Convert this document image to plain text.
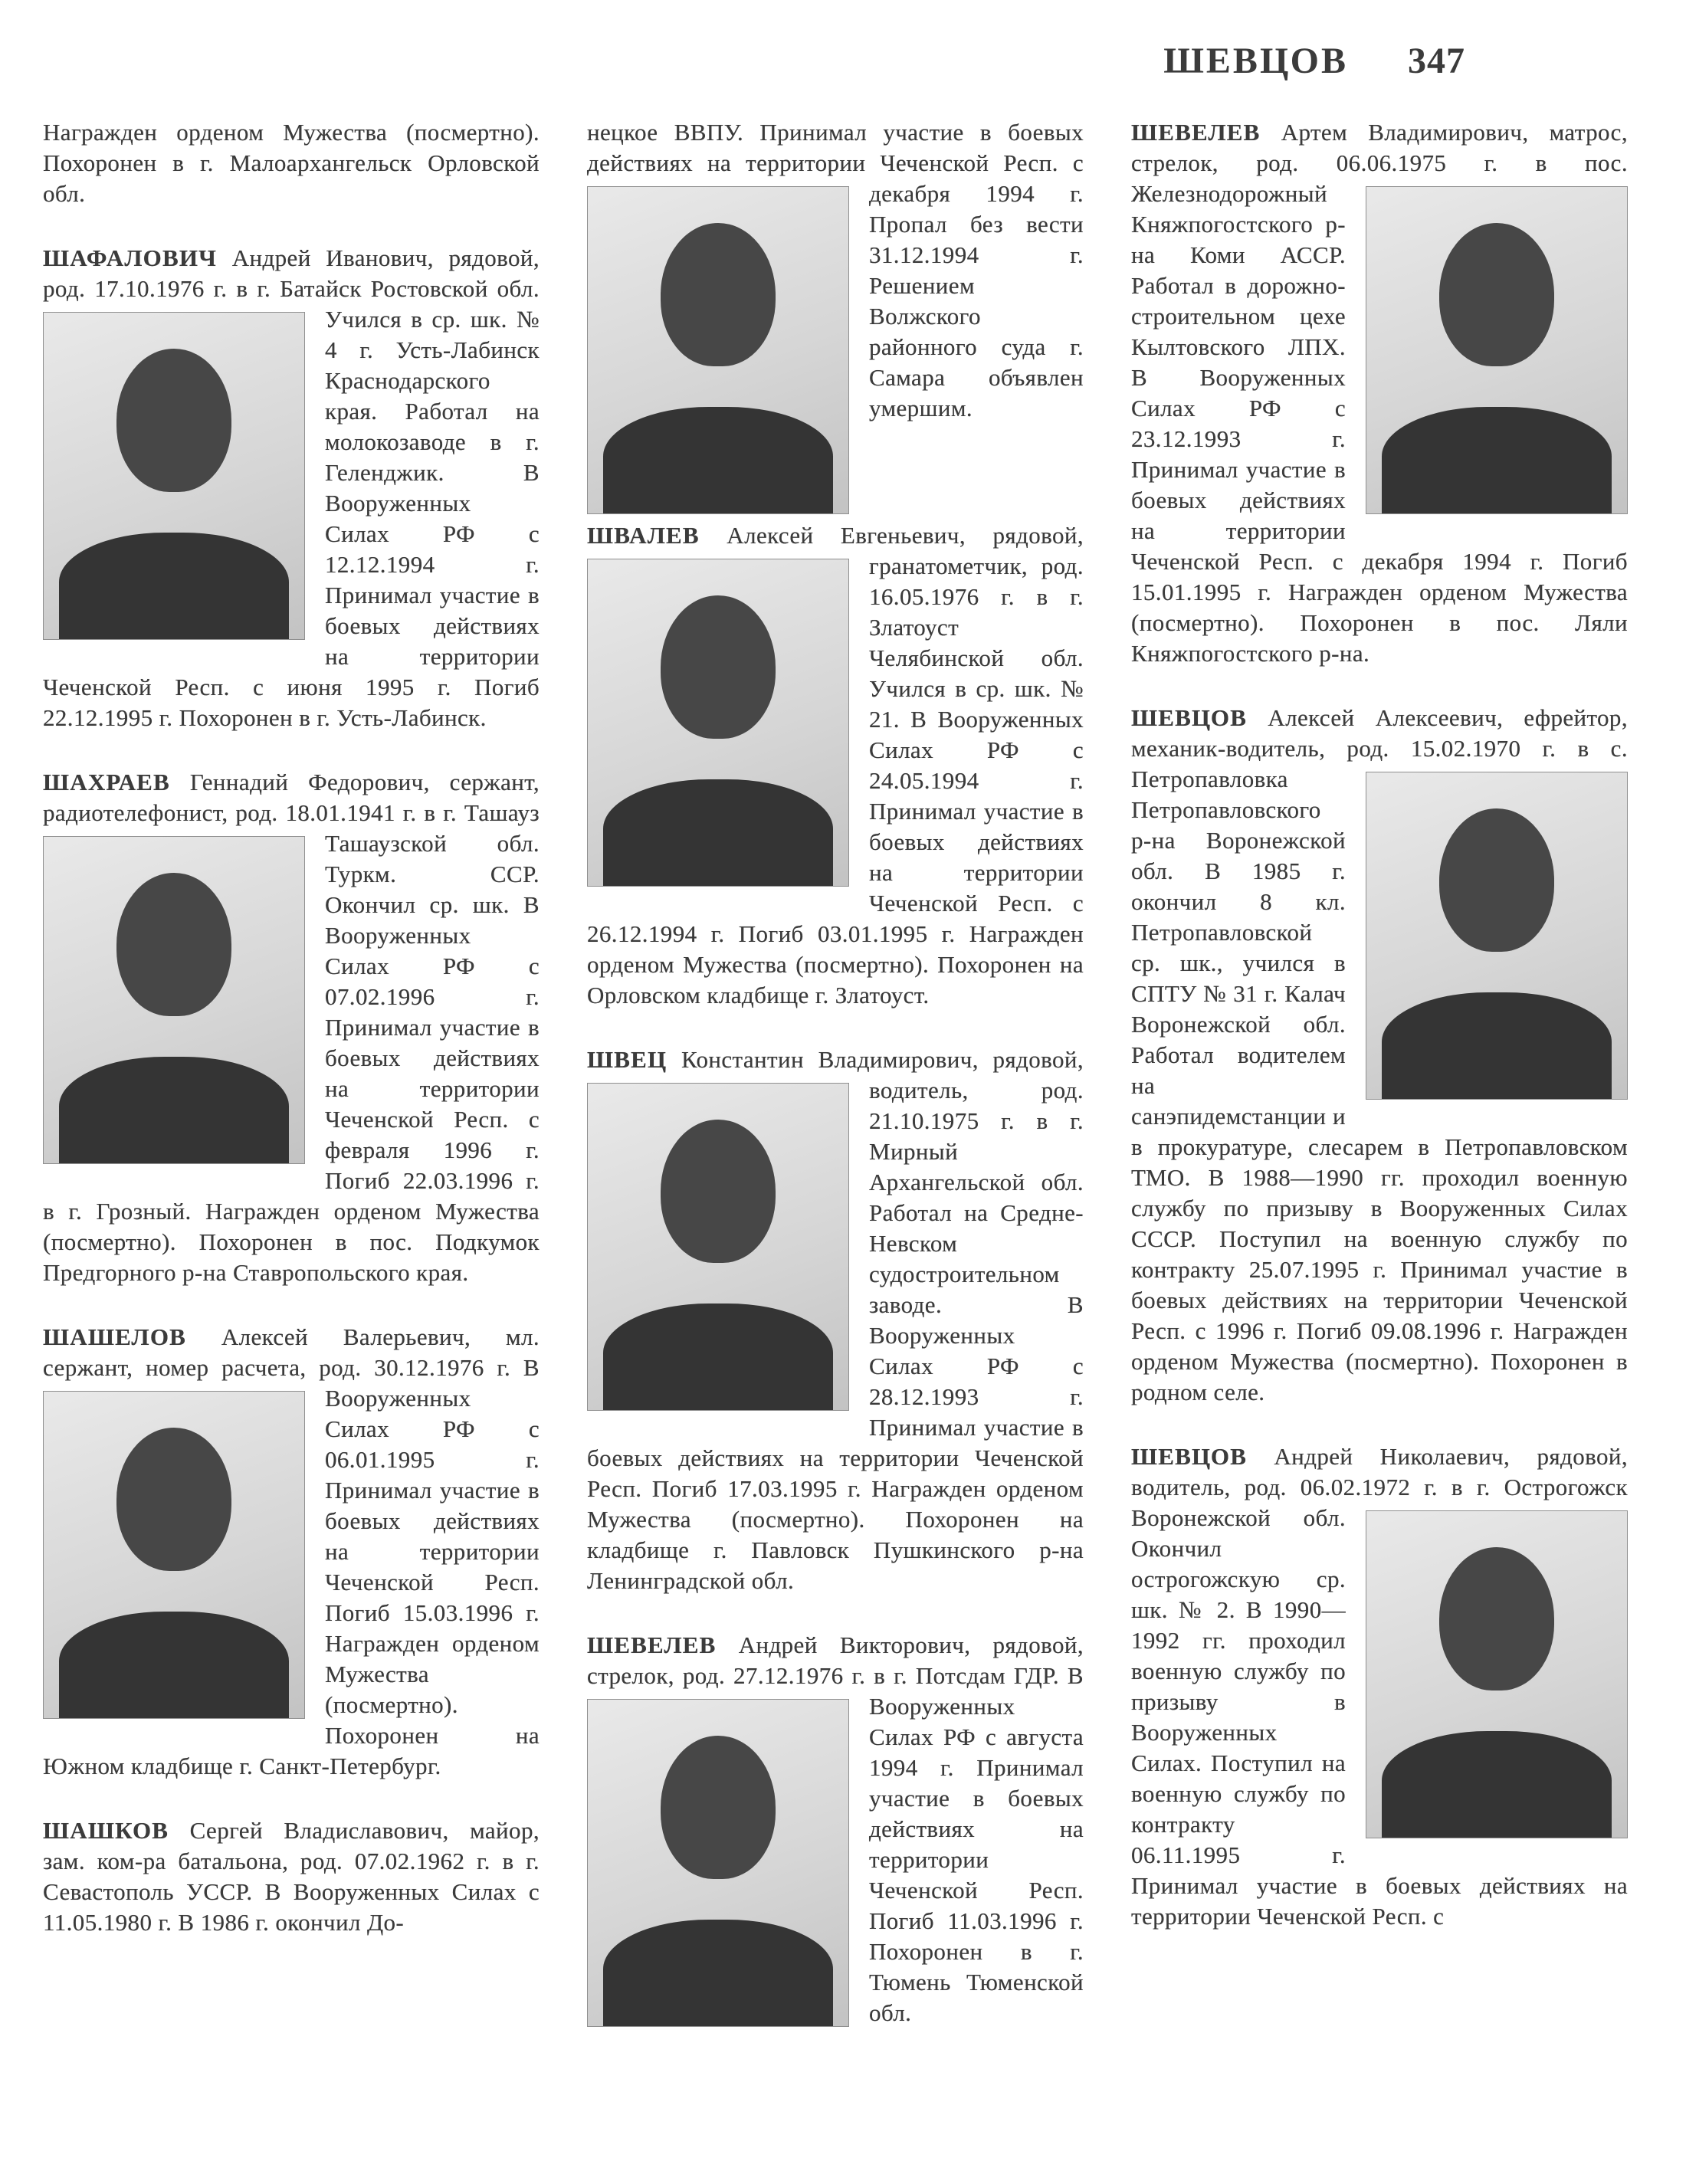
ШЕВЦОВ 347

Награжден орденом Мужества (посмертно). Похоронен в г. Малоархангельск Орловской обл.

ШАФАЛОВИЧ Андрей Иванович, рядовой, род. 17.10.1976 г. в г. Батайск Ростовской обл. Учился в ср. шк. № 4 г. Усть-Лабинск Краснодарского края. Работал на молокозаводе в г. Геленджик. В Вооруженных Силах РФ с 12.12.1994 г. Принимал участие в боевых действиях на территории Чеченской Респ. с июня 1995 г. Погиб 22.12.1995 г. Похоронен в г. Усть-Лабинск.

ШАХРАЕВ Геннадий Федорович, сержант, радиотелефонист, род. 18.01.1941 г. в г. Ташауз Ташаузской обл. Туркм. ССР. Окончил ср. шк. В Вооруженных Силах РФ с 07.02.1996 г. Принимал участие в боевых действиях на территории Чеченской Респ. с февраля 1996 г. Погиб 22.03.1996 г. в г. Грозный. Награжден орденом Мужества (посмертно). Похоронен в пос. Подкумок Предгорного р-на Ставропольского края.

ШАШЕЛОВ Алексей Валерьевич, мл. сержант, номер расчета, род. 30.12.1976 г. В Вооруженных Силах РФ с 06.01.1995 г. Принимал участие в боевых действиях на территории Чеченской Респ. Погиб 15.03.1996 г. Награжден орденом Мужества (посмертно). Похоронен на Южном кладбище г. Санкт-Петербург.

ШАШКОВ Сергей Владиславович, майор, зам. ком-ра батальона, род. 07.02.1962 г. в г. Севастополь УССР. В Вооруженных Силах с 11.05.1980 г. В 1986 г. окончил До-

нецкое ВВПУ. Принимал участие в боевых действиях на территории Чеченской Респ. с декабря 1994 г. Пропал без вести 31.12.1994 г. Решением Волжского районного суда г. Самара объявлен умершим.

ШВАЛЕВ Алексей Евгеньевич, рядовой, гранатометчик, род.
16.05.1976 г. в г. Златоуст Челябинской обл. Учился в ср. шк. № 21. В Вооруженных Силах РФ с 24.05.1994 г. Принимал участие в боевых действиях на территории Чеченской Респ. с 26.12.1994 г. Погиб 03.01.1995 г. Награжден орденом Мужества (посмертно). Похоронен на Орловском кладбище г. Златоуст.

ШВЕЦ Константин Владимирович, рядовой, водитель, род.
21.10.1975 г. в г. Мирный Архангельской обл. Работал на Средне-Невском судостроительном заводе. В Вооруженных Силах РФ с 28.12.1993 г. Принимал участие в боевых действиях на территории Чеченской Респ. Погиб 17.03.1995 г. Награжден орденом Мужества (посмертно). Похоронен на кладбище г. Павловск Пушкинского р-на Ленинградской обл.

ШЕВЕЛЕВ Андрей Викторович, рядовой, стрелок, род. 27.12.1976 г. в г. Потсдам ГДР. В Вооруженных Силах РФ с августа 1994 г. Принимал участие в боевых действиях на территории Чеченской Респ. Погиб 11.03.1996 г. Похоронен в г. Тюмень Тюменской обл.

ШЕВЕЛЕВ Артем Владимирович, матрос, стрелок, род. 06.06.1975 г. в пос. Железнодорожный Княжпогостского р-на Коми АССР. Работал в дорожно-строительном цехе Кылтовского ЛПХ. В Вооруженных Силах РФ с 23.12.1993 г. Принимал участие в боевых действиях на территории Чеченской Респ. с декабря 1994 г. Погиб 15.01.1995 г. Награжден орденом Мужества (посмертно). Похоронен в пос. Ляли Княжпогостского р-на.

ШЕВЦОВ Алексей Алексеевич, ефрейтор, механик-водитель, род. 15.02.1970 г. в с. Петропавловка Петропавловского р-на Воронежской обл. В 1985 г. окончил 8 кл. Петропавловской ср. шк., учился в СПТУ № 31 г. Калач Воронежской обл. Работал водителем на санэпидемстанции и в прокуратуре, слесарем в Петропавловском ТМО. В 1988—1990 гг. проходил военную службу по призыву в Вооруженных Силах СССР. Поступил на военную службу по контракту 25.07.1995 г. Принимал участие в боевых действиях на территории Чеченской Респ. с 1996 г. Погиб 09.08.1996 г. Награжден орденом Мужества (посмертно). Похоронен в родном селе.

ШЕВЦОВ Андрей Николаевич, рядовой, водитель, род. 06.02.1972 г. в г. Острогожск Воронежской обл. Окончил острогожскую ср. шк. № 2. В 1990—1992 гг. проходил военную службу по призыву в Вооруженных Силах. Поступил на военную службу по контракту 06.11.1995 г. Принимал участие в боевых действиях на территории Чеченской Респ. с
